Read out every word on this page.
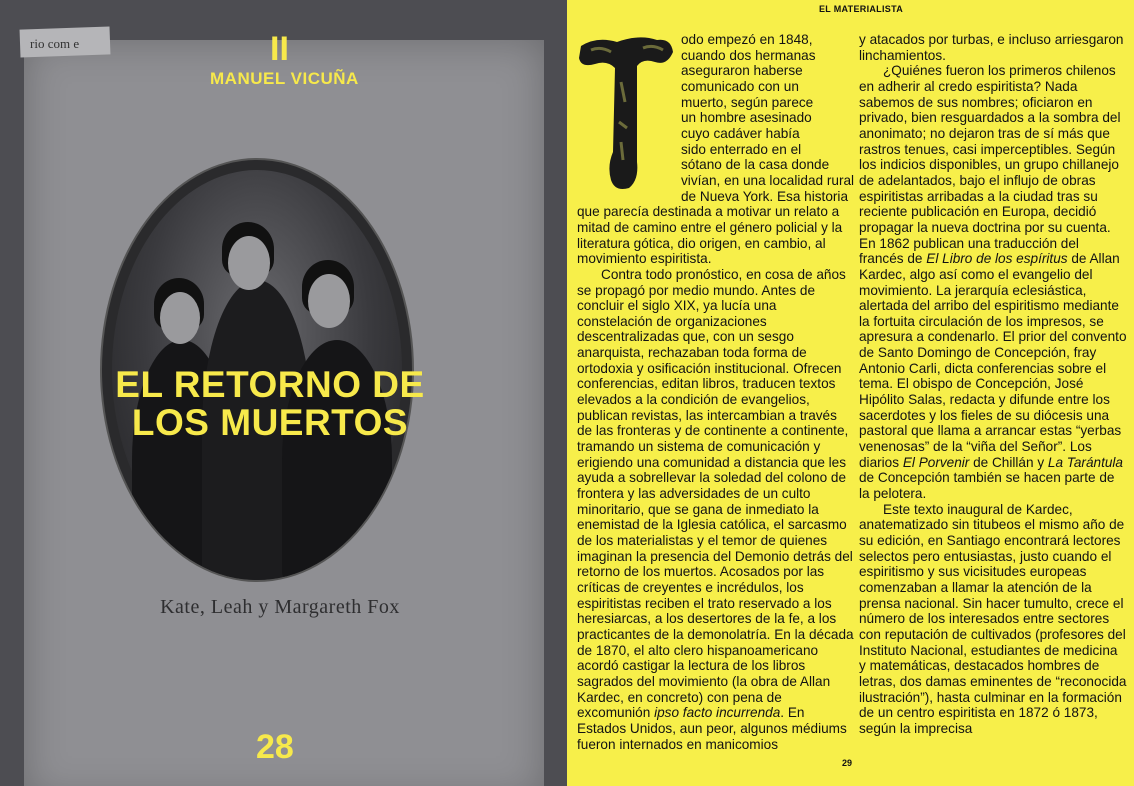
rio com e
Kate, Leah y Margareth Fox
II
MANUEL VICUÑA
EL RETORNO DE
LOS MUERTOS
28
EL MATERIALISTA

odo empezó en 1848,
cuando dos hermanas
aseguraron haberse
comunicado con un
muerto, según parece
un hombre asesinado
cuyo cadáver había
sido enterrado en el
sótano de la casa donde vivían, en una localidad rural de Nueva York. Esa historia que parecía destinada a motivar un relato a mitad de camino entre el género policial y la literatura gótica, dio origen, en cambio, al movimiento espiritista.

Contra todo pronóstico, en cosa de años se propagó por medio mundo. Antes de concluir el siglo XIX, ya lucía una constelación de organizaciones descentralizadas que, con un sesgo anarquista, rechazaban toda forma de ortodoxia y osificación institucional. Ofrecen conferencias, editan libros, traducen textos elevados a la condición de evangelios, publican revistas, las intercambian a través de las fronteras y de continente a continente, tramando un sistema de comunicación y erigiendo una comunidad a distancia que les ayuda a sobrellevar la soledad del colono de frontera y las adversidades de un culto minoritario, que se gana de inmediato la enemistad de la Iglesia católica, el sarcasmo de los materialistas y el temor de quienes imaginan la presencia del Demonio detrás del retorno de los muertos. Acosados por las críticas de creyentes e incrédulos, los espiritistas reciben el trato reservado a los heresiarcas, a los desertores de la fe, a los practicantes de la demonolatría. En la década de 1870, el alto clero hispanoamericano acordó castigar la lectura de los libros sagrados del movimiento (la obra de Allan Kardec, en concreto) con pena de excomunión ipso facto incurrenda. En Estados Unidos, aun peor, algunos médiums fueron internados en manicomios

y atacados por turbas, e incluso arriesgaron linchamientos.

¿Quiénes fueron los primeros chilenos en adherir al credo espiritista? Nada sabemos de sus nombres; oficiaron en privado, bien resguardados a la sombra del anonimato; no dejaron tras de sí más que rastros tenues, casi imperceptibles. Según los indicios disponibles, un grupo chillanejo de adelantados, bajo el influjo de obras espiritistas arribadas a la ciudad tras su reciente publicación en Europa, decidió propagar la nueva doctrina por su cuenta. En 1862 publican una traducción del francés de El Libro de los espíritus de Allan Kardec, algo así como el evangelio del movimiento. La jerarquía eclesiástica, alertada del arribo del espiritismo mediante la fortuita circulación de los impresos, se apresura a condenarlo. El prior del convento de Santo Domingo de Concepción, fray Antonio Carli, dicta conferencias sobre el tema. El obispo de Concepción, José Hipólito Salas, redacta y difunde entre los sacerdotes y los fieles de su diócesis una pastoral que llama a arrancar estas “yerbas venenosas” de la “viña del Señor”. Los diarios El Porvenir de Chillán y La Tarántula de Concepción también se hacen parte de la pelotera.

Este texto inaugural de Kardec, anatematizado sin titubeos el mismo año de su edición, en Santiago encontrará lectores selectos pero entusiastas, justo cuando el espiritismo y sus vicisitudes europeas comenzaban a llamar la atención de la prensa nacional. Sin hacer tumulto, crece el número de los interesados entre sectores con reputación de cultivados (profesores del Instituto Nacional, estudiantes de medicina y matemáticas, destacados hombres de letras, dos damas eminentes de “reconocida ilustración”), hasta culminar en la formación de un centro espiritista en 1872 ó 1873, según la imprecisa

29
